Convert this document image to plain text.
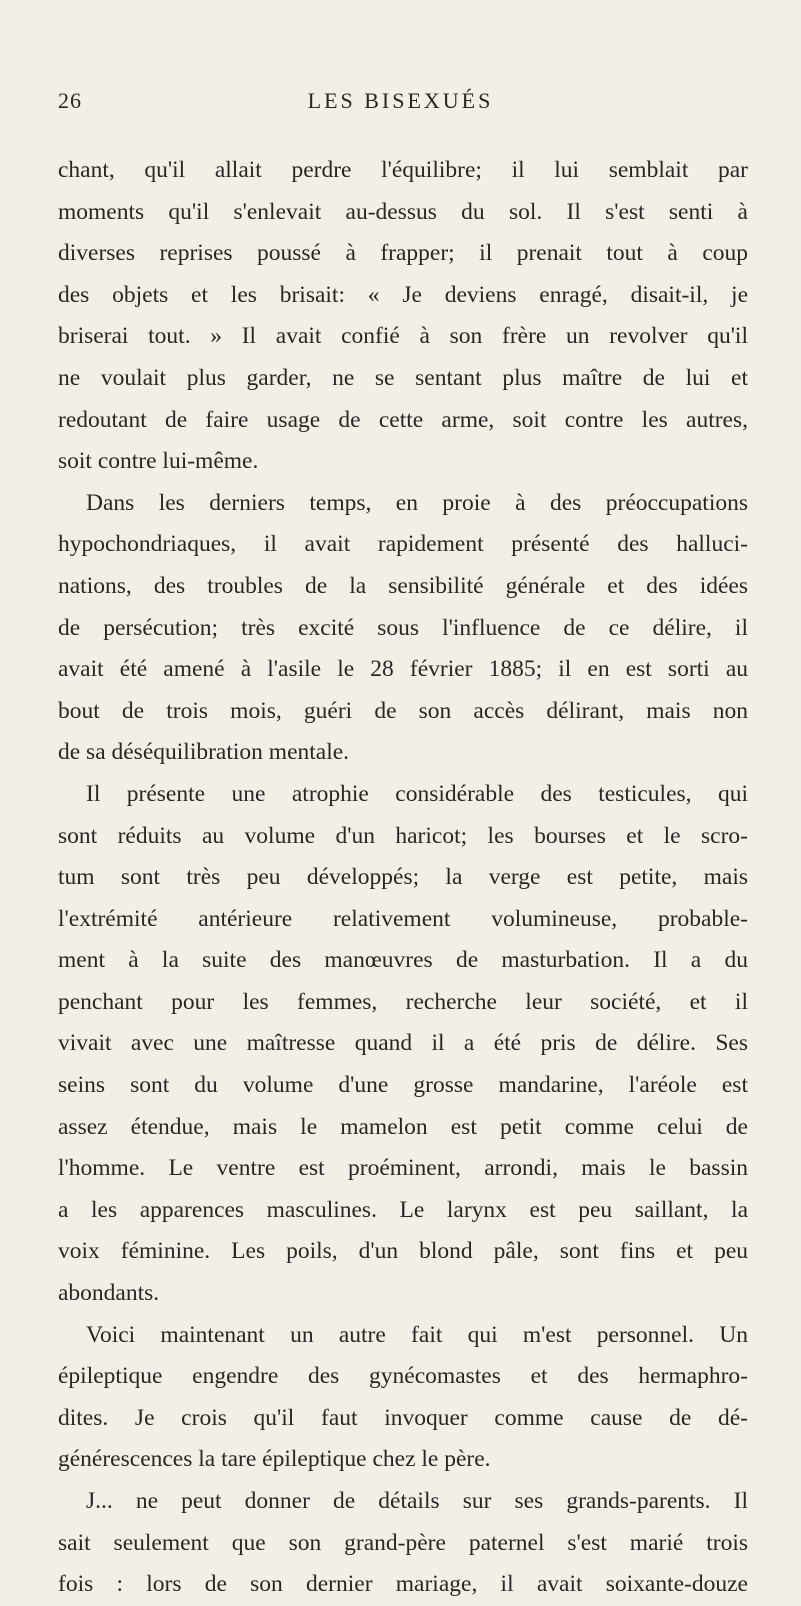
26	LES BISEXUÉS
chant, qu'il allait perdre l'équilibre; il lui semblait par
moments qu'il s'enlevait au-dessus du sol. Il s'est senti à
diverses reprises poussé à frapper; il prenait tout à coup
des objets et les brisait: « Je deviens enragé, disait-il, je
briserai tout. » Il avait confié à son frère un revolver qu'il
ne voulait plus garder, ne se sentant plus maître de lui et
redoutant de faire usage de cette arme, soit contre les autres,
soit contre lui-même.
Dans les derniers temps, en proie à des préoccupations
hypochondriaques, il avait rapidement présenté des halluci-
nations, des troubles de la sensibilité générale et des idées
de persécution; très excité sous l'influence de ce délire, il
avait été amené à l'asile le 28 février 1885; il en est sorti au
bout de trois mois, guéri de son accès délirant, mais non
de sa déséquilibration mentale.
Il présente une atrophie considérable des testicules, qui
sont réduits au volume d'un haricot; les bourses et le scro-
tum sont très peu développés; la verge est petite, mais
l'extrémité antérieure relativement volumineuse, probable-
ment à la suite des manœuvres de masturbation. Il a du
penchant pour les femmes, recherche leur société, et il
vivait avec une maîtresse quand il a été pris de délire. Ses
seins sont du volume d'une grosse mandarine, l'aréole est
assez étendue, mais le mamelon est petit comme celui de
l'homme. Le ventre est proéminent, arrondi, mais le bassin
a les apparences masculines. Le larynx est peu saillant, la
voix féminine. Les poils, d'un blond pâle, sont fins et peu
abondants.
Voici maintenant un autre fait qui m'est personnel. Un
épileptique engendre des gynécomastes et des hermaphro-
dites. Je crois qu'il faut invoquer comme cause de dé-
générescences la tare épileptique chez le père.
J... ne peut donner de détails sur ses grands-parents. Il
sait seulement que son grand-père paternel s'est marié trois
fois : lors de son dernier mariage, il avait soixante-douze
